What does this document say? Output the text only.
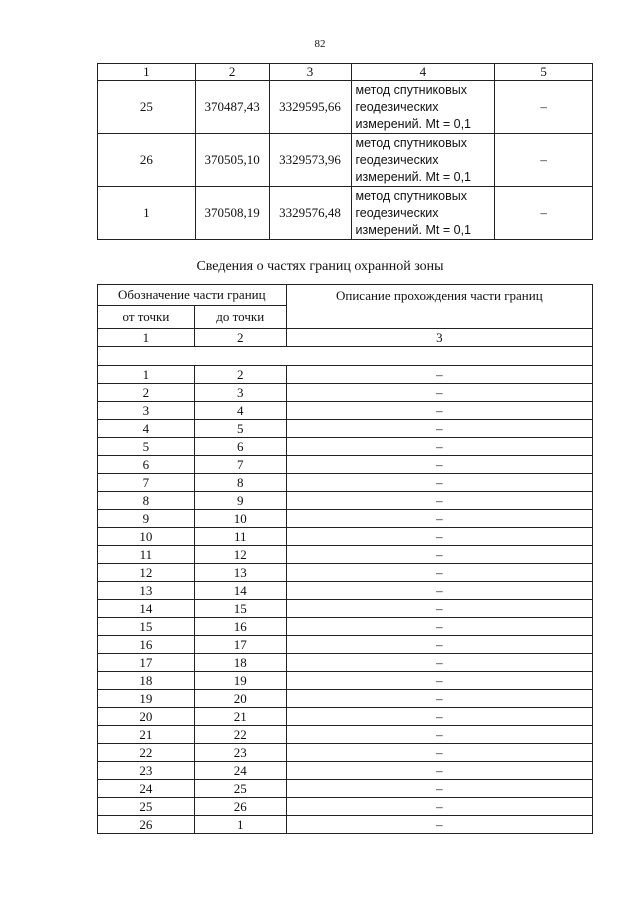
82
1	2	3	4	5
25	370487,43	3329595,66	метод спутниковых геодезических измерений. Mt = 0,1	–
26	370505,10	3329573,96	метод спутниковых геодезических измерений. Mt = 0,1	–
1	370508,19	3329576,48	метод спутниковых геодезических измерений. Mt = 0,1	–
Сведения о частях границ охранной зоны
Обозначение части границ		Описание прохождения части границ
от точки	до точки	
1	2	3

1	2	–
2	3	–
3	4	–
4	5	–
5	6	–
6	7	–
7	8	–
8	9	–
9	10	–
10	11	–
11	12	–
12	13	–
13	14	–
14	15	–
15	16	–
16	17	–
17	18	–
18	19	–
19	20	–
20	21	–
21	22	–
22	23	–
23	24	–
24	25	–
25	26	–
26	1	–
